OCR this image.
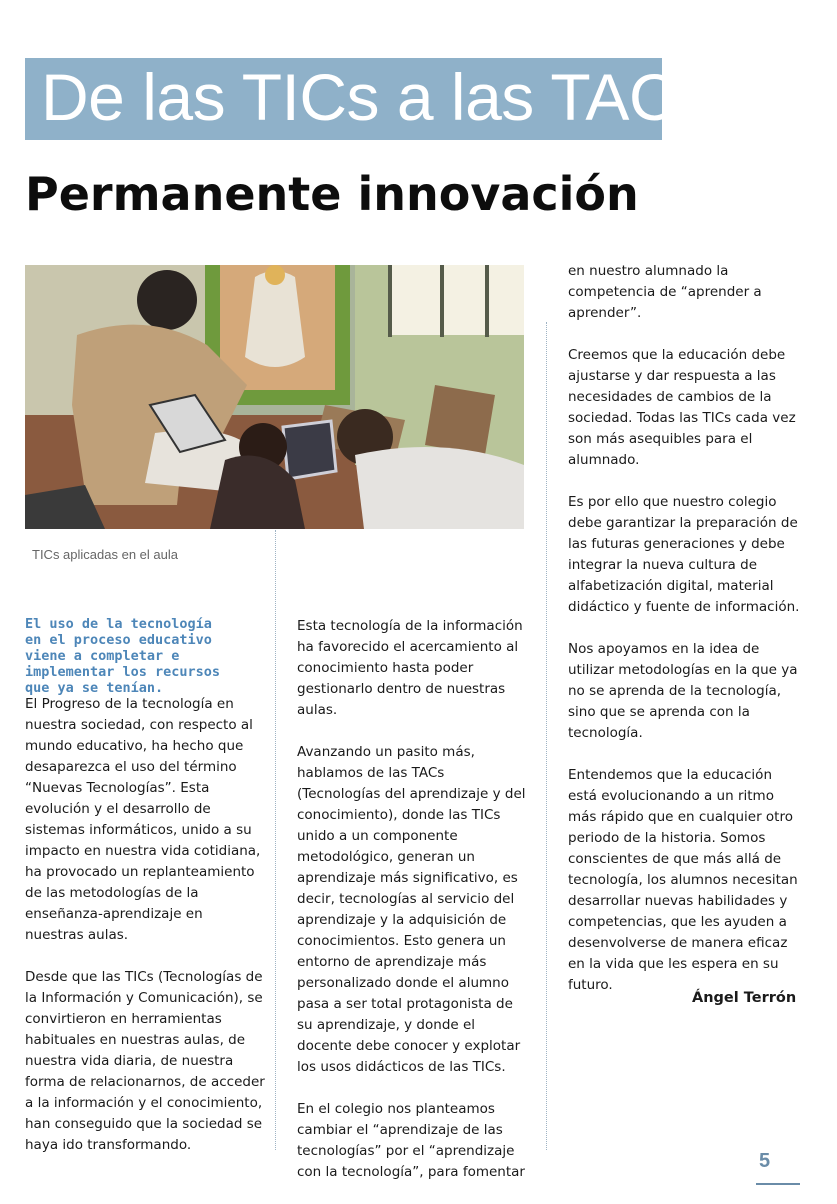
De las TICs a las TACs
Permanente innovación

TICs aplicadas en el aula

El uso de la tecnología en el proceso educativo viene a completar e implementar los recursos que ya se tenían.

El Progreso de la tecnología en nuestra sociedad, con respecto al mundo educativo, ha hecho que desaparezca el uso del término “Nuevas Tecnologías”. Esta evolución y el desarrollo de sistemas informáticos, unido a su impacto en nuestra vida cotidiana, ha provocado un replanteamiento de las metodologías de la enseñanza-aprendizaje en nuestras aulas.

Desde que las TICs (Tecnologías de la Información y Comunicación), se convirtieron en herramientas habituales en nuestras aulas, de nuestra vida diaria, de nuestra forma de relacionarnos, de acceder a la información y el conocimiento, han conseguido que la sociedad se haya ido transformando.

Esta tecnología de la información ha favorecido el acercamiento al conocimiento hasta poder gestionarlo dentro de nuestras aulas.

Avanzando un pasito más, hablamos de las TACs (Tecnologías del aprendizaje y del conocimiento), donde las TICs unido a un componente metodológico, generan un aprendizaje más significativo, es decir, tecnologías al servicio del aprendizaje y la adquisición de conocimientos. Esto genera un entorno de aprendizaje más personalizado donde el alumno pasa a ser total protagonista de su aprendizaje, y donde el docente debe conocer y explotar los usos didácticos de las TICs.

En el colegio nos planteamos cambiar el “aprendizaje de las tecnologías” por el “aprendizaje con la tecnología”, para fomentar

en nuestro alumnado la competencia de “aprender a aprender”.

Creemos que la educación debe ajustarse y dar respuesta a las necesidades de cambios de la sociedad. Todas las TICs cada vez son más asequibles para el alumnado.

Es por ello que nuestro colegio debe garantizar la preparación de las futuras generaciones y debe integrar la nueva cultura de alfabetización digital, material didáctico y fuente de información.

Nos apoyamos en la idea de utilizar metodologías en la que ya no se aprenda de la tecnología, sino que se aprenda con la tecnología.

Entendemos que la educación está evolucionando a un ritmo más rápido que en cualquier otro periodo de la historia. Somos conscientes de que más allá de tecnología, los alumnos necesitan desarrollar nuevas habilidades y competencias, que les ayuden a desenvolverse de manera eficaz en la vida que les espera en su futuro.

Ángel Terrón

5
